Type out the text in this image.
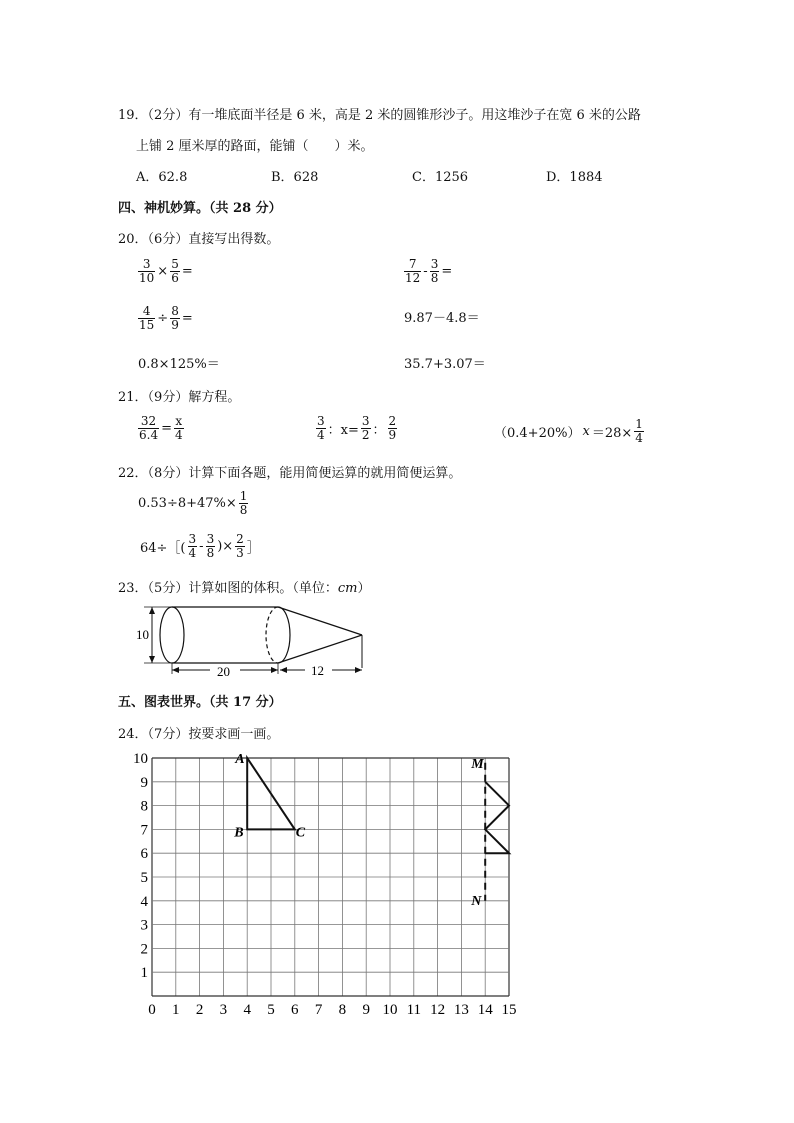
19．（2分）有一堆底面半径是 6 米，高是 2 米的圆锥形沙子。用这堆沙子在宽 6 米的公路
上铺 2 厘米厚的路面，能铺（　　）米。
A．62.8	B．628	C．1256	D．1884
四、神机妙算。（共 28 分）
20．（6分）直接写出得数。
$\frac{3}{10} \times \frac{5}{6}$ =	$\frac{7}{12} - \frac{3}{8}$ =
$\frac{4}{15} \div \frac{8}{9}$ =	9.87－4.8＝
0.8×125%＝	35.7+3.07＝
21．（9分）解方程。
$\frac{32}{6.4} = \frac{x}{4}$	$\frac{3}{4}$ ：$x= \frac{3}{2}$ ： $\frac{2}{9}$	（0.4+20%） $x =28\times \frac{1}{4}$
22．（8分）计算下面各题，能用简便运算的就用简便运算。
$0.53\div 8+47\%\times \frac{1}{8}$
64÷［( $\frac{3}{4} - \frac{3}{8}$ )× $\frac{2}{3}$ ］
23．（5分）计算如图的体积。（单位：cm）
10
20	12
五、图表世界。（共 17 分）
24．（7分）按要求画一画。
0 1 2 3 4 5 6 7 8 9 10 11 12 13 14 15
1
2
3
4
5
6
7
8
9
10	A
B	C
M
N
